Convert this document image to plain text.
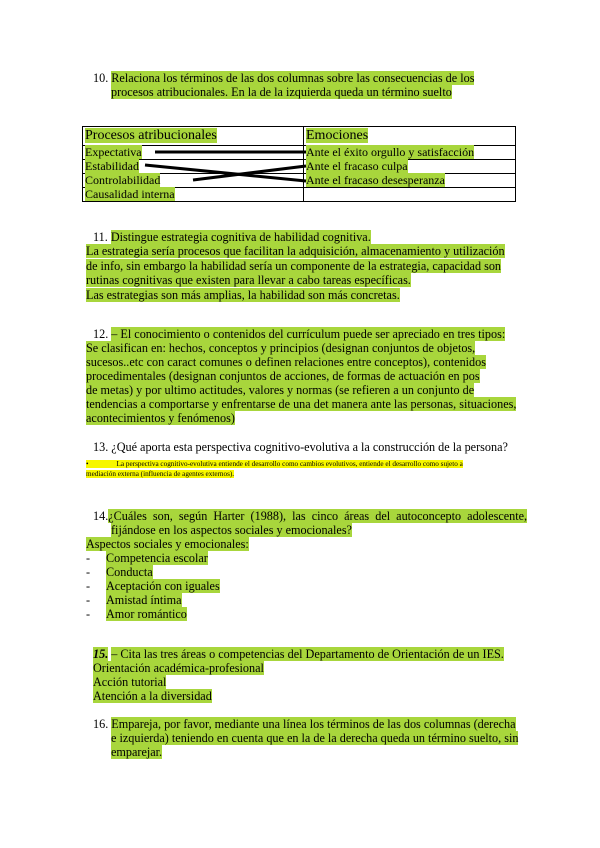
10. Relaciona los términos de las dos columnas sobre las consecuencias de los
procesos atribucionales. En la de la izquierda queda un término suelto
Procesos atribucionales	Emociones
Expectativa	Ante el éxito orgullo y satisfacción
Estabilidad	Ante el fracaso culpa
Controlabilidad	Ante el fracaso desesperanza
Causalidad interna	
11. Distingue estrategia cognitiva de habilidad cognitiva.
La estrategia sería procesos que facilitan la adquisición, almacenamiento y utilización
de info, sin embargo la habilidad sería un componente de la estrategia, capacidad son
rutinas cognitivas que existen para llevar a cabo tareas específicas.
Las estrategias son más amplias, la habilidad son más concretas.
12. – El conocimiento o contenidos del currículum puede ser apreciado en tres tipos:
Se clasifican en: hechos, conceptos y principios (designan conjuntos de objetos,
sucesos..etc con caract comunes o definen relaciones entre conceptos), contenidos
procedimentales (designan conjuntos de acciones, de formas de actuación en pos
de metas) y por ultimo actitudes, valores y normas (se refieren a un conjunto de
tendencias a comportarse y enfrentarse de una det manera ante las personas, situaciones,
acontecimientos y fenómenos)
13. ¿Qué aporta esta perspectiva cognitivo-evolutiva a la construcción de la persona?
•	La perspectiva cognitivo-evolutiva entiende el desarrollo como cambios evolutivos, entiende el desarrollo como sujeto a
mediación externa (influencia de agentes externos).
14.¿Cuáles son, según Harter (1988), las cinco áreas del autoconcepto adolescente,
fijándose en los aspectos sociales y emocionales?
Aspectos sociales y emocionales:
- Competencia escolar
- Conducta
- Aceptación con iguales
- Amistad íntima
- Amor romántico
15. – Cita las tres áreas o competencias del Departamento de Orientación de un IES.
Orientación académica-profesional
Acción tutorial
Atención a la diversidad
16. Empareja, por favor, mediante una línea los términos de las dos columnas (derecha
e izquierda) teniendo en cuenta que en la de la derecha queda un término suelto, sin
emparejar.
